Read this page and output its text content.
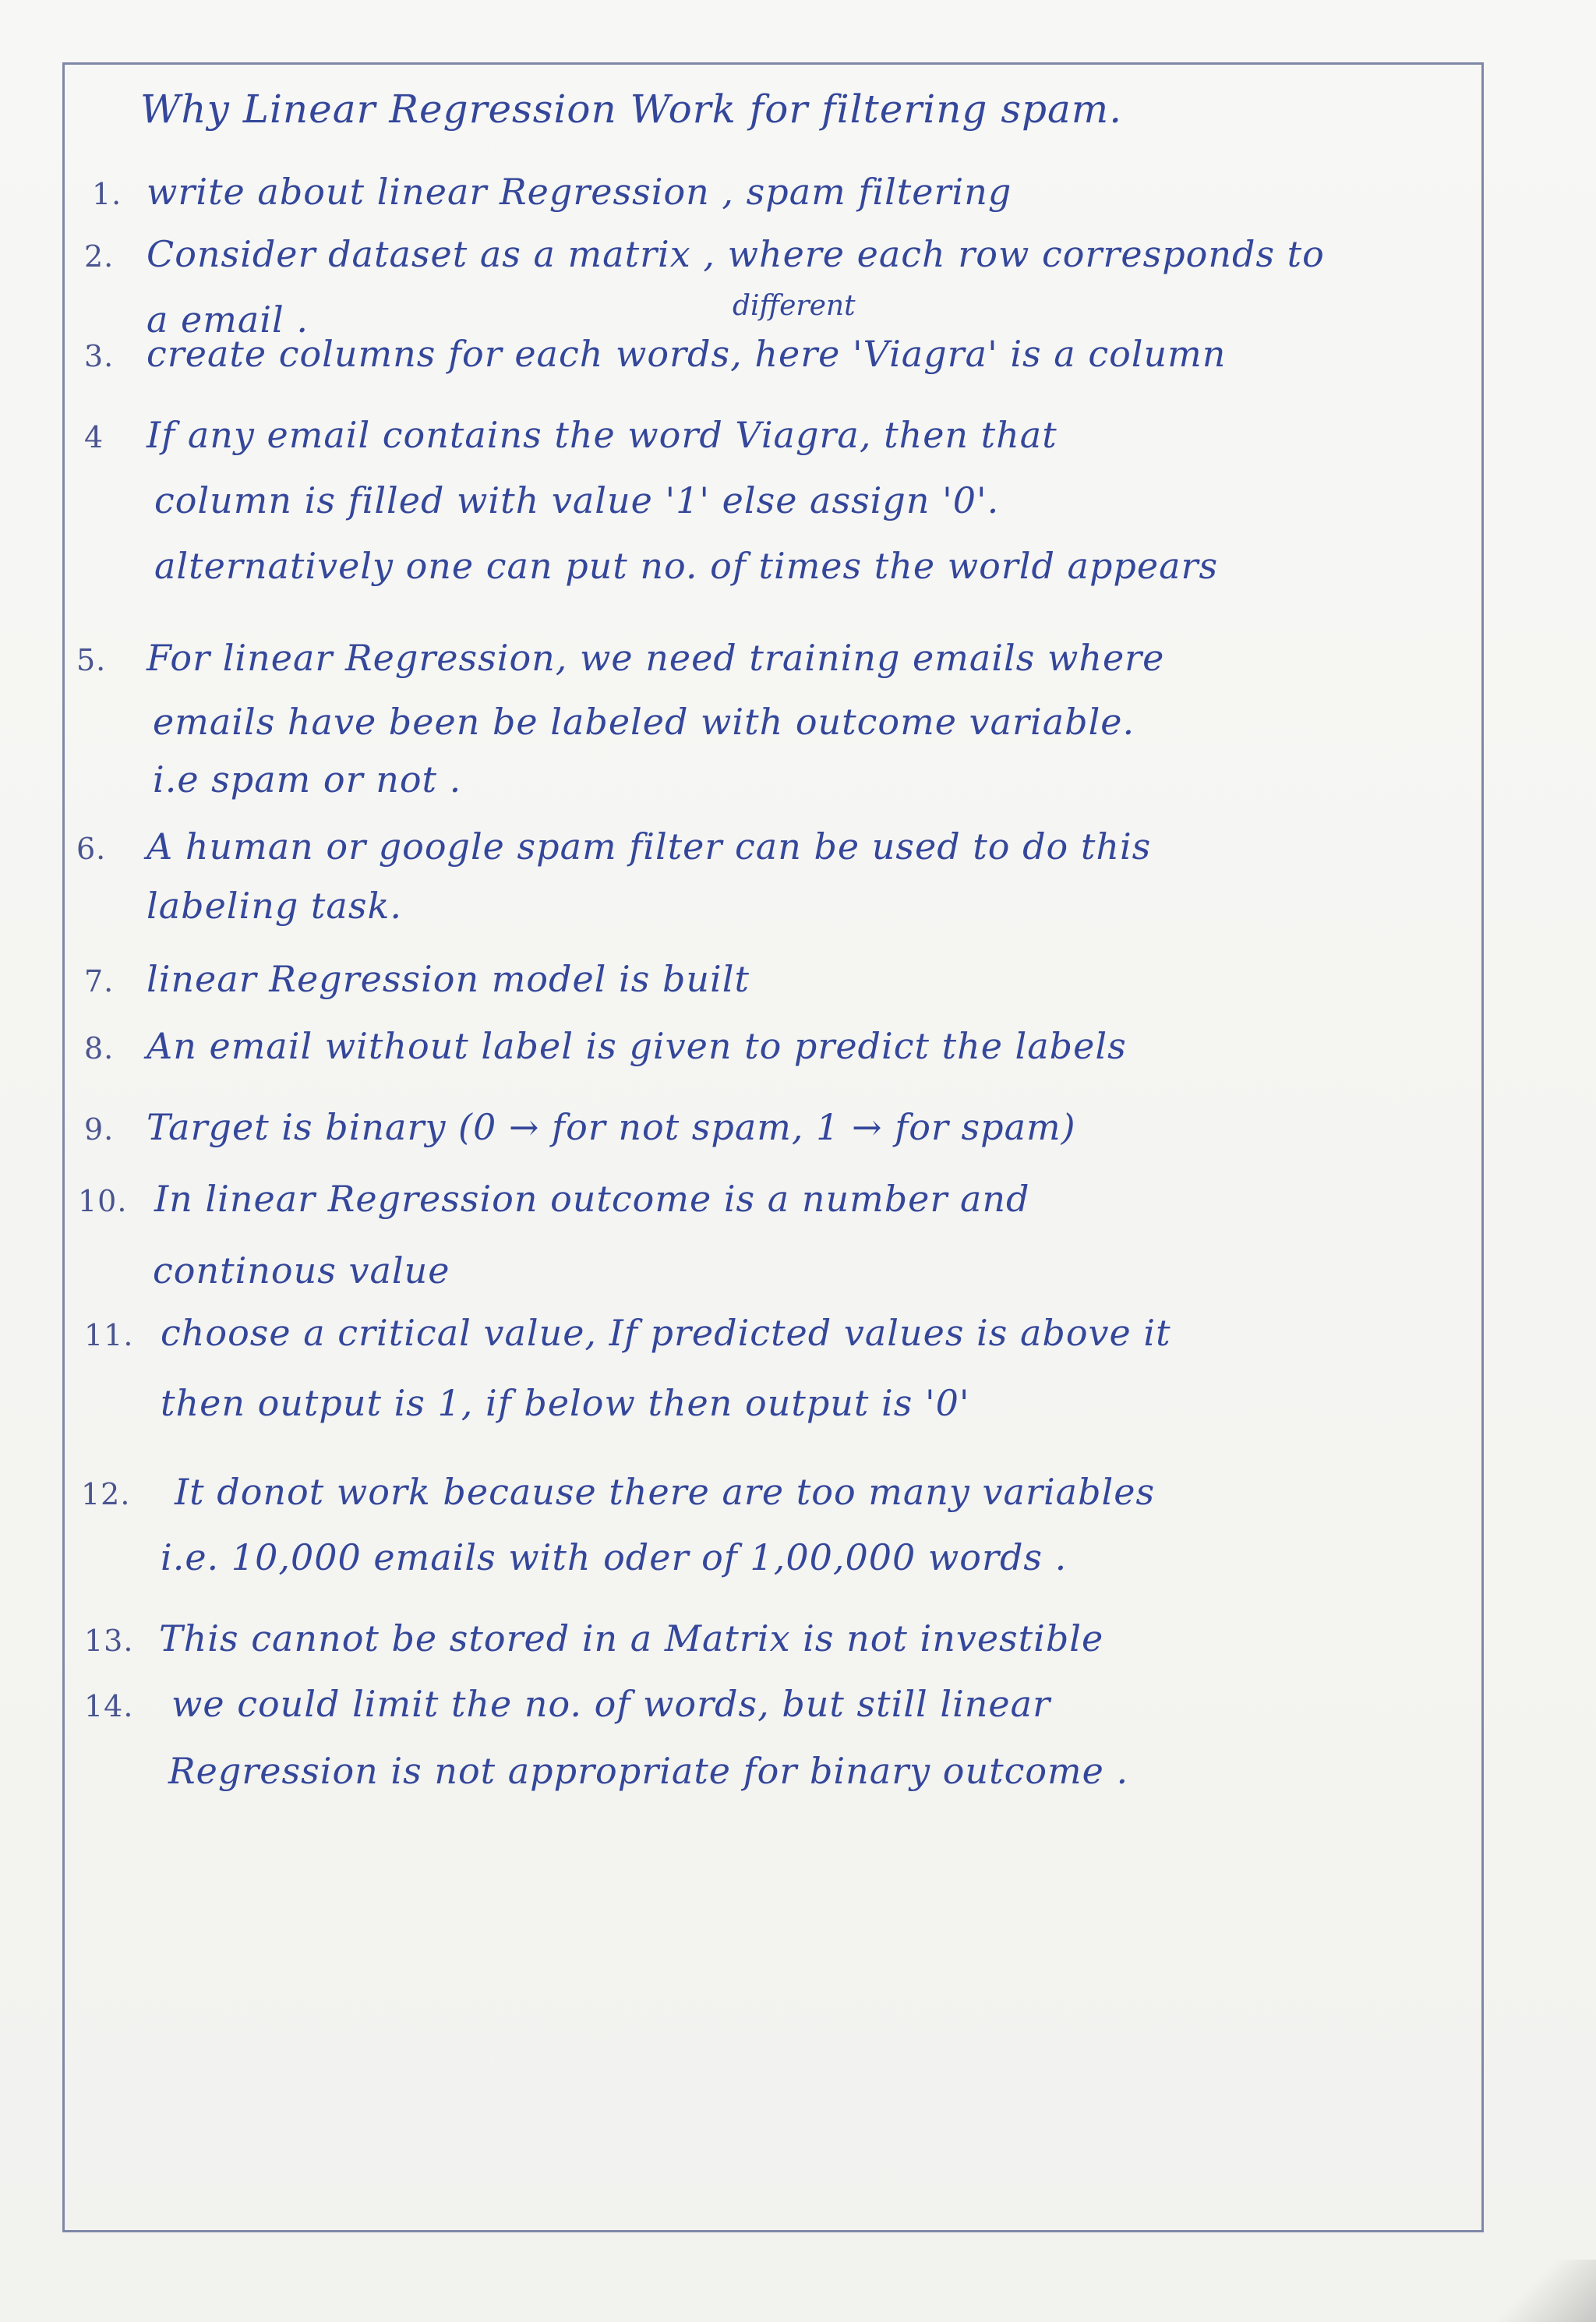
Why Linear Regression Work for filtering spam.
1. write about linear Regression , spam filtering
2. Consider dataset as a matrix , where each row corresponds to
a email .	different
3. create columns for each words, here 'Viagra' is a column
4 If any email contains the word Viagra, then that
column is filled with value '1' else assign '0'.
alternatively one can put no. of times the world appears
5. For linear Regression, we need training emails where
emails have been be labeled with outcome variable.
i.e spam or not .
6. A human or google spam filter can be used to do this
labeling task.
7. linear Regression model is built
8. An email without label is given to predict the labels
9. Target is binary (0 → for not spam, 1 → for spam)
10. In linear Regression outcome is a number and
continous value
11. choose a critical value, If predicted values is above it
then output is 1, if below then output is '0'
12. It donot work because there are too many variables
i.e. 10,000 emails with oder of 1,00,000 words .
13. This cannot be stored in a Matrix is not investible
14. we could limit the no. of words, but still linear
Regression is not appropriate for binary outcome .
